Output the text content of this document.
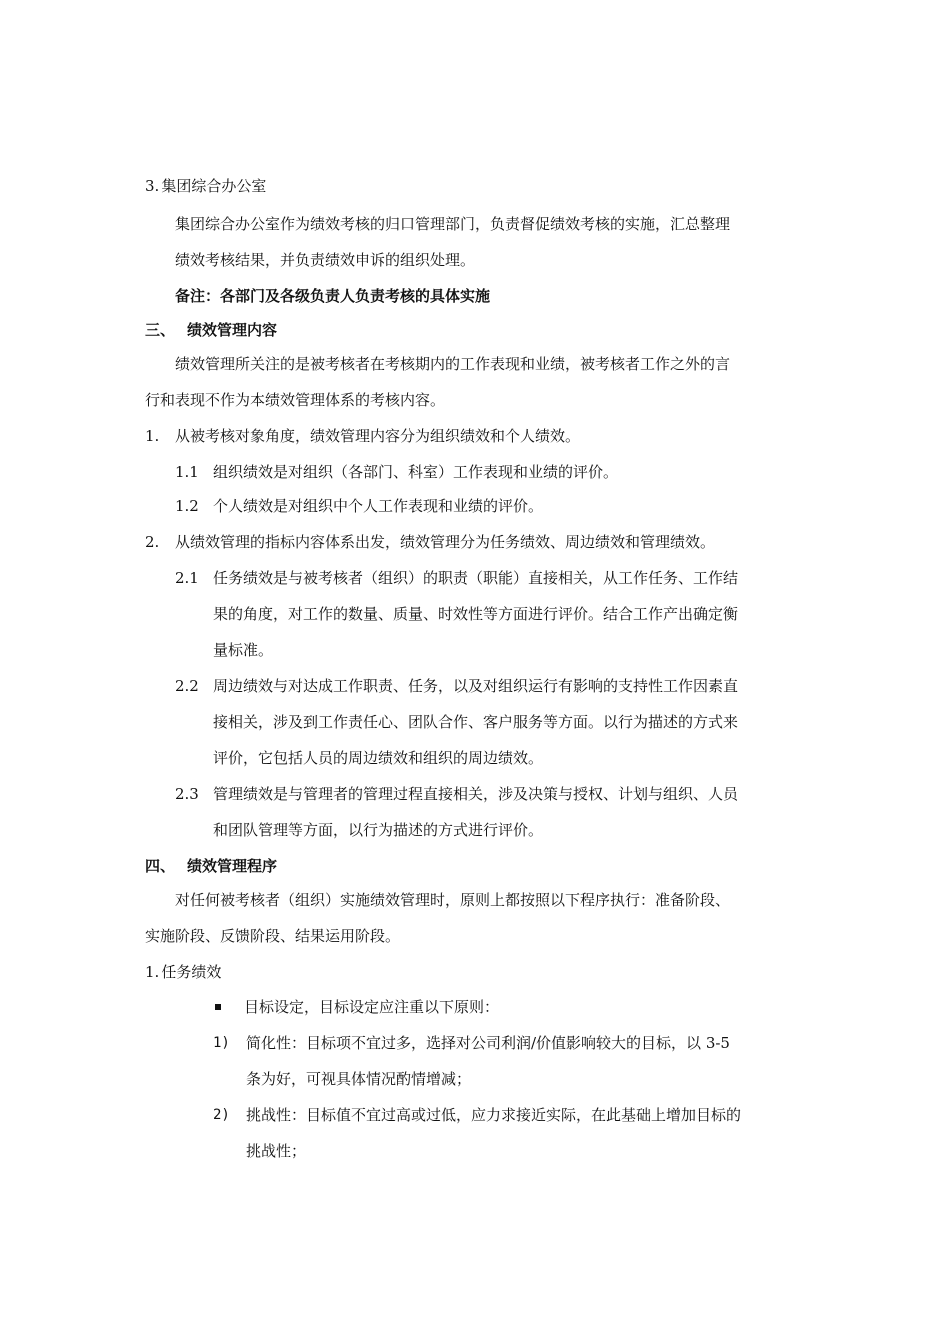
3. 集团综合办公室
集团综合办公室作为绩效考核的归口管理部门，负责督促绩效考核的实施，汇总整理
绩效考核结果，并负责绩效申诉的组织处理。
备注：各部门及各级负责人负责考核的具体实施
三、 绩效管理内容
绩效管理所关注的是被考核者在考核期内的工作表现和业绩，被考核者工作之外的言
行和表现不作为本绩效管理体系的考核内容。
1. 从被考核对象角度，绩效管理内容分为组织绩效和个人绩效。
1.1 组织绩效是对组织（各部门、科室）工作表现和业绩的评价。
1.2 个人绩效是对组织中个人工作表现和业绩的评价。
2. 从绩效管理的指标内容体系出发，绩效管理分为任务绩效、周边绩效和管理绩效。
2.1 任务绩效是与被考核者（组织）的职责（职能）直接相关，从工作任务、工作结
果的角度，对工作的数量、质量、时效性等方面进行评价。结合工作产出确定衡
量标准。
2.2 周边绩效与对达成工作职责、任务，以及对组织运行有影响的支持性工作因素直
接相关，涉及到工作责任心、团队合作、客户服务等方面。以行为描述的方式来
评价，它包括人员的周边绩效和组织的周边绩效。
2.3 管理绩效是与管理者的管理过程直接相关，涉及决策与授权、计划与组织、人员
和团队管理等方面，以行为描述的方式进行评价。
四、 绩效管理程序
对任何被考核者（组织）实施绩效管理时，原则上都按照以下程序执行：准备阶段、
实施阶段、反馈阶段、结果运用阶段。
1. 任务绩效
目标设定，目标设定应注重以下原则：
1) 简化性：目标项不宜过多，选择对公司利润/价值影响较大的目标，以 3-5
条为好，可视具体情况酌情增减；
2) 挑战性：目标值不宜过高或过低，应力求接近实际，在此基础上增加目标的
挑战性；
